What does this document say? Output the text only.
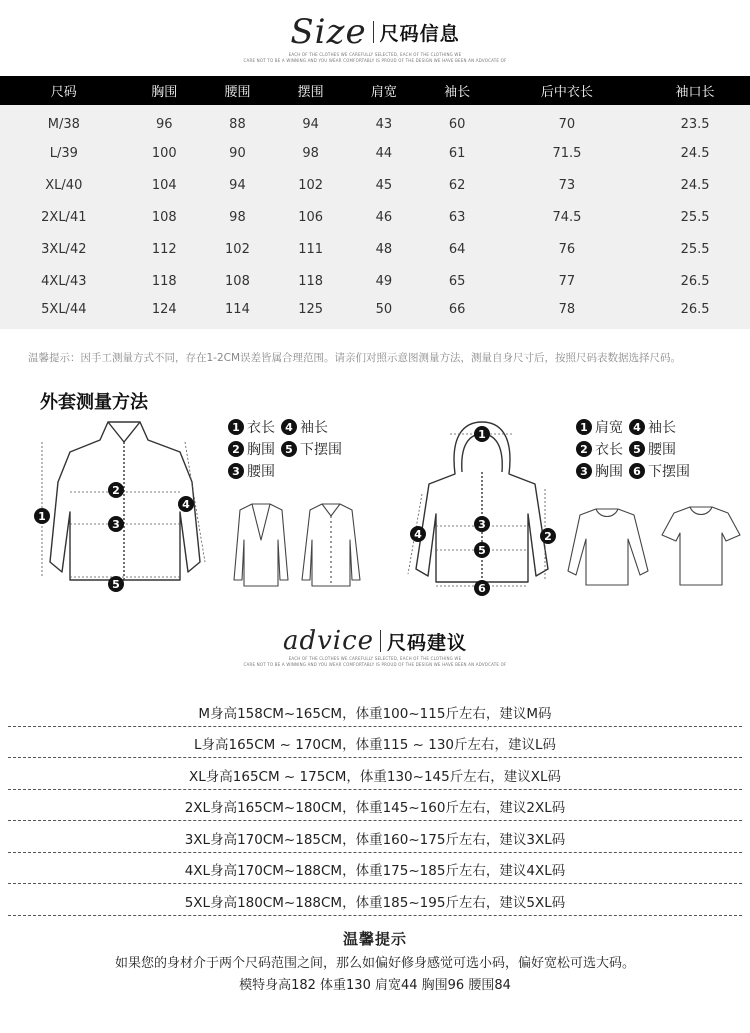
Size 尺码信息
EACH OF THE CLOTHES WE CAREFULLY SELECTED, EACH OF THE CLOTHING WE
CARE NOT TO BE A WINNING AND YOU WEAR COMFORTABLY IS PROUD OF THE DESIGN WE HAVE BEEN AN ADVOCATE OF
尺码	胸围	腰围	摆围	肩宽	袖长	后中衣长	袖口长
M/38	96	88	94	43	60	70	23.5
L/39	100	90	98	44	61	71.5	24.5
XL/40	104	94	102	45	62	73	24.5
2XL/41	108	98	106	46	63	74.5	25.5
3XL/42	112	102	111	48	64	76	25.5
4XL/43	118	108	118	49	65	77	26.5
5XL/44	124	114	125	50	66	78	26.5
温馨提示：因手工测量方式不同，存在1-2CM误差皆属合理范围。请亲们对照示意图测量方法，测量自身尺寸后，按照尺码表数据选择尺码。
外套测量方法
1
2
3
4
5
1 衣长 4 袖长
2 胸围 5 下摆围
3 腰围
1
2
3
4
5
6
1 肩宽 4 袖长
2 衣长 5 腰围
3 胸围 6 下摆围
advice 尺码建议
EACH OF THE CLOTHES WE CAREFULLY SELECTED, EACH OF THE CLOTHING WE
CARE NOT TO BE A WINNING AND YOU WEAR COMFORTABLY IS PROUD OF THE DESIGN WE HAVE BEEN AN ADVOCATE OF
M身高158CM~165CM，体重100~115斤左右，建议M码
L身高165CM ~ 170CM，体重115 ~ 130斤左右，建议L码
XL身高165CM ~ 175CM，体重130~145斤左右，建议XL码
2XL身高165CM~180CM，体重145~160斤左右，建议2XL码
3XL身高170CM~185CM，体重160~175斤左右，建议3XL码
4XL身高170CM~188CM，体重175~185斤左右，建议4XL码
5XL身高180CM~188CM，体重185~195斤左右，建议5XL码
温馨提示
如果您的身材介于两个尺码范围之间，那么如偏好修身感觉可选小码，偏好宽松可选大码。
模特身高182 体重130 肩宽44 胸围96 腰围84
